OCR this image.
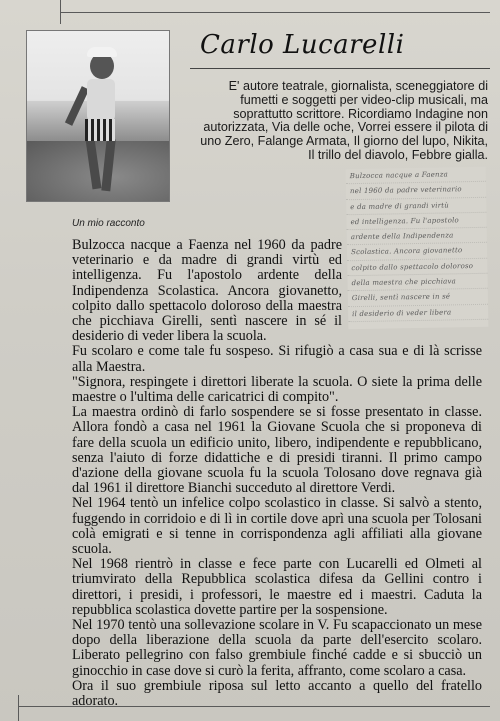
Carlo Lucarelli
E' autore teatrale, giornalista, sceneggiatore di fumetti e soggetti per video-clip musicali, ma soprattutto scrittore. Ricordiamo Indagine non autorizzata, Via delle oche, Vorrei essere il pilota di uno Zero, Falange Armata, Il giorno del lupo, Nikita, Il trillo del diavolo, Febbre gialla.
Un mio racconto
Bulzocca nacque a Faenza
nel 1960 da padre veterinario
e da madre di grandi virtù
ed intelligenza. Fu l'apostolo
ardente della Indipendenza
Scolastica. Ancora giovanetto
colpito dallo spettacolo doloroso
della maestra che picchiava
Girelli, sentì nascere in sé
il desiderio di veder libera

Bulzocca nacque a Faenza nel 1960 da padre veterinario e da madre di grandi virtù ed intelligenza. Fu l'apostolo ardente della Indipendenza Scolastica. Ancora giovanetto, colpito dallo spettacolo doloroso della maestra che picchiava Girelli, sentì nascere in sé il desiderio di veder libera la scuola.

Fu scolaro e come tale fu sospeso. Si rifugiò a casa sua e di là scrisse alla Maestra.

"Signora, respingete i direttori liberate la scuola. O siete la prima delle maestre o l'ultima delle caricatrici di compito".

La maestra ordinò di farlo sospendere se si fosse presentato in classe. Allora fondò a casa nel 1961 la Giovane Scuola che si proponeva di fare della scuola un edificio unito, libero, indipendente e repubblicano, senza l'aiuto di forze didattiche e di presidi tiranni. Il primo campo d'azione della giovane scuola fu la scuola Tolosano dove regnava già dal 1961 il direttore Bianchi succeduto al direttore Verdi.

Nel 1964 tentò un infelice colpo scolastico in classe. Si salvò a stento, fuggendo in corridoio e di lì in cortile dove aprì una scuola per Tolosani colà emigrati e si tenne in corrispondenza agli affiliati alla giovane scuola.

Nel 1968 rientrò in classe e fece parte con Lucarelli ed Olmeti al triumvirato della Repubblica scolastica difesa da Gellini contro i direttori, i presidi, i professori, le maestre ed i maestri. Caduta la repubblica scolastica dovette partire per la sospensione.

Nel 1970 tentò una sollevazione scolare in V. Fu scapaccionato un mese dopo della liberazione della scuola da parte dell'esercito scolaro. Liberato pellegrino con falso grembiule finché cadde e si sbucciò un ginocchio in case dove si curò la ferita, affranto, come scolaro a casa.

Ora il suo grembiule riposa sul letto accanto a quello del fratello adorato.
